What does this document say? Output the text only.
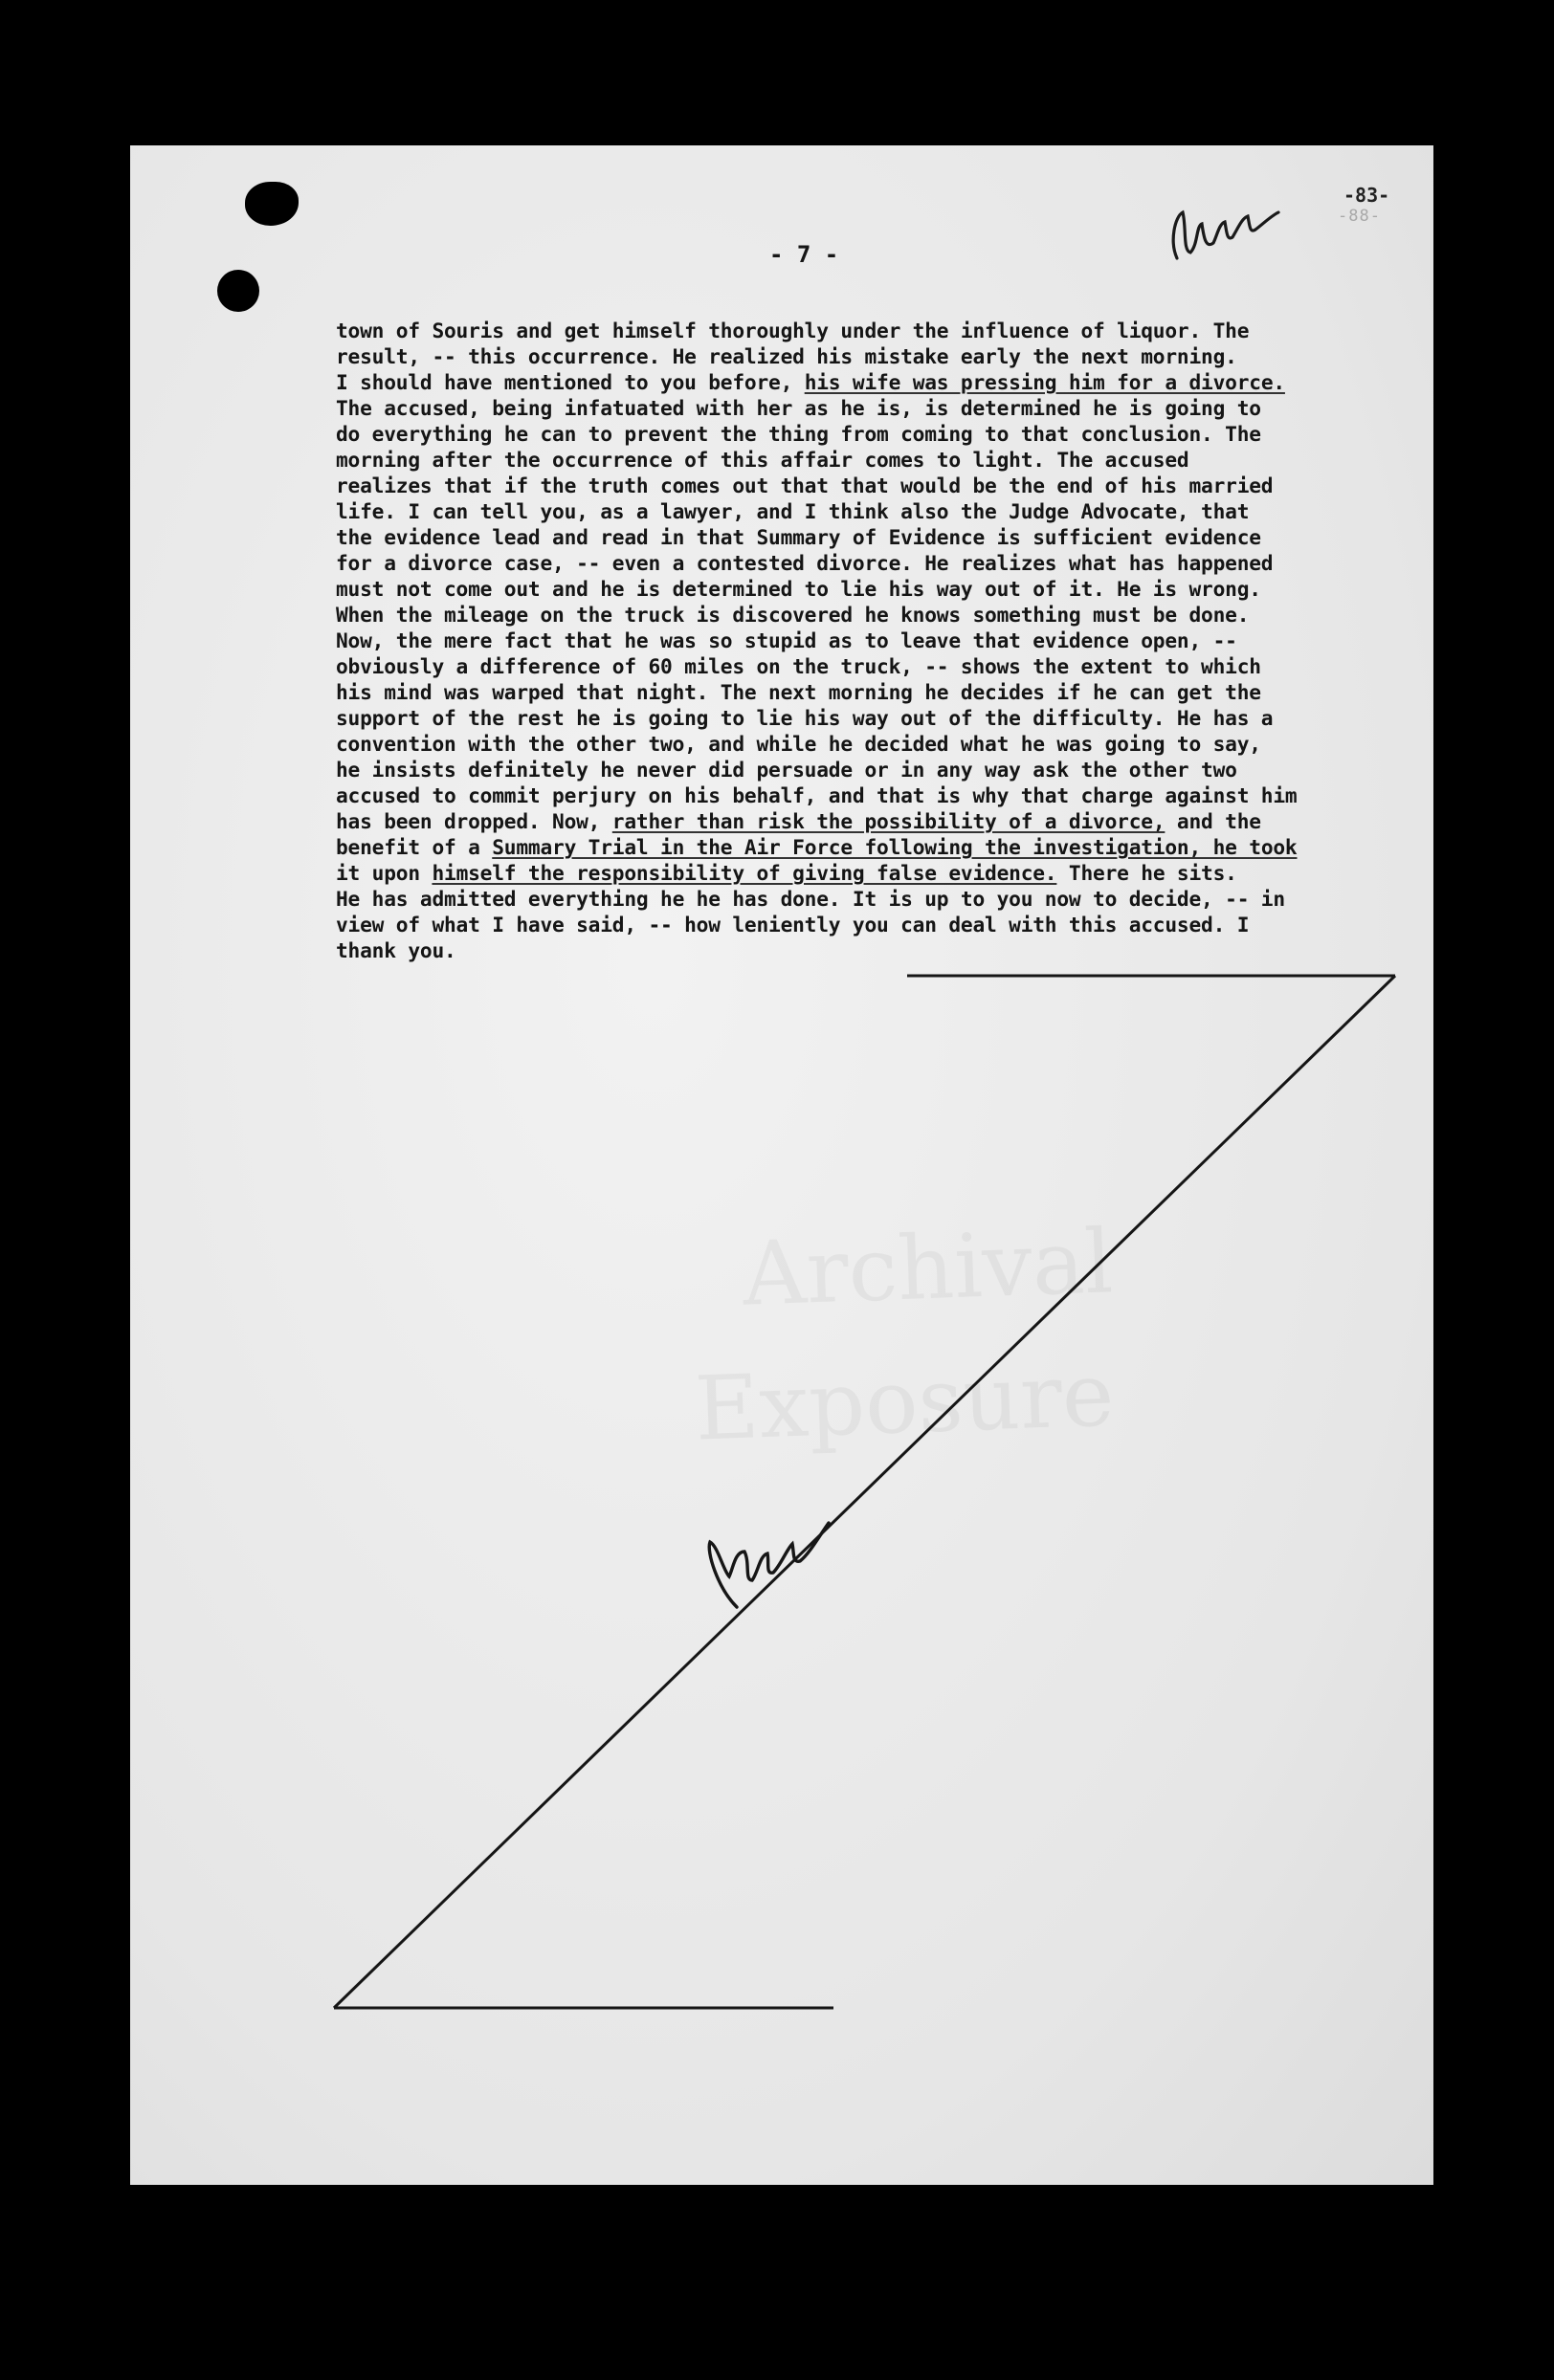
- 7 -
-83-
-88-
town of Souris and get himself thoroughly under the influence of liquor. The
result, -- this occurrence. He realized his mistake early the next morning.
I should have mentioned to you before, his wife was pressing him for a divorce.
The accused, being infatuated with her as he is, is determined he is going to
do everything he can to prevent the thing from coming to that conclusion. The
morning after the occurrence of this affair comes to light. The accused
realizes that if the truth comes out that that would be the end of his married
life. I can tell you, as a lawyer, and I think also the Judge Advocate, that
the evidence lead and read in that Summary of Evidence is sufficient evidence
for a divorce case, -- even a contested divorce. He realizes what has happened
must not come out and he is determined to lie his way out of it. He is wrong.
When the mileage on the truck is discovered he knows something must be done.
Now, the mere fact that he was so stupid as to leave that evidence open, --
obviously a difference of 60 miles on the truck, -- shows the extent to which
his mind was warped that night. The next morning he decides if he can get the
support of the rest he is going to lie his way out of the difficulty. He has a
convention with the other two, and while he decided what he was going to say,
he insists definitely he never did persuade or in any way ask the other two
accused to commit perjury on his behalf, and that is why that charge against him
has been dropped. Now, rather than risk the possibility of a divorce, and the
benefit of a Summary Trial in the Air Force following the investigation, he took
it upon himself the responsibility of giving false evidence. There he sits.
He has admitted everything he he has done. It is up to you now to decide, -- in
view of what I have said, -- how leniently you can deal with this accused. I
thank you.
